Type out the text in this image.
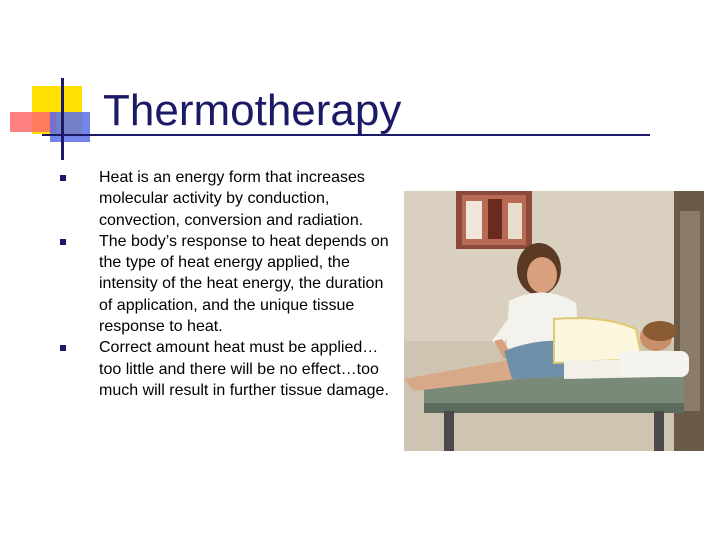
Thermotherapy
Heat is an energy form that increases molecular activity by conduction, convection, conversion and radiation.
The body’s response to heat depends on the type of heat energy applied, the intensity of the heat energy, the duration of application, and the unique tissue response to heat.
Correct amount heat must be applied…too little and there will be no effect…too much will result in further tissue damage.
